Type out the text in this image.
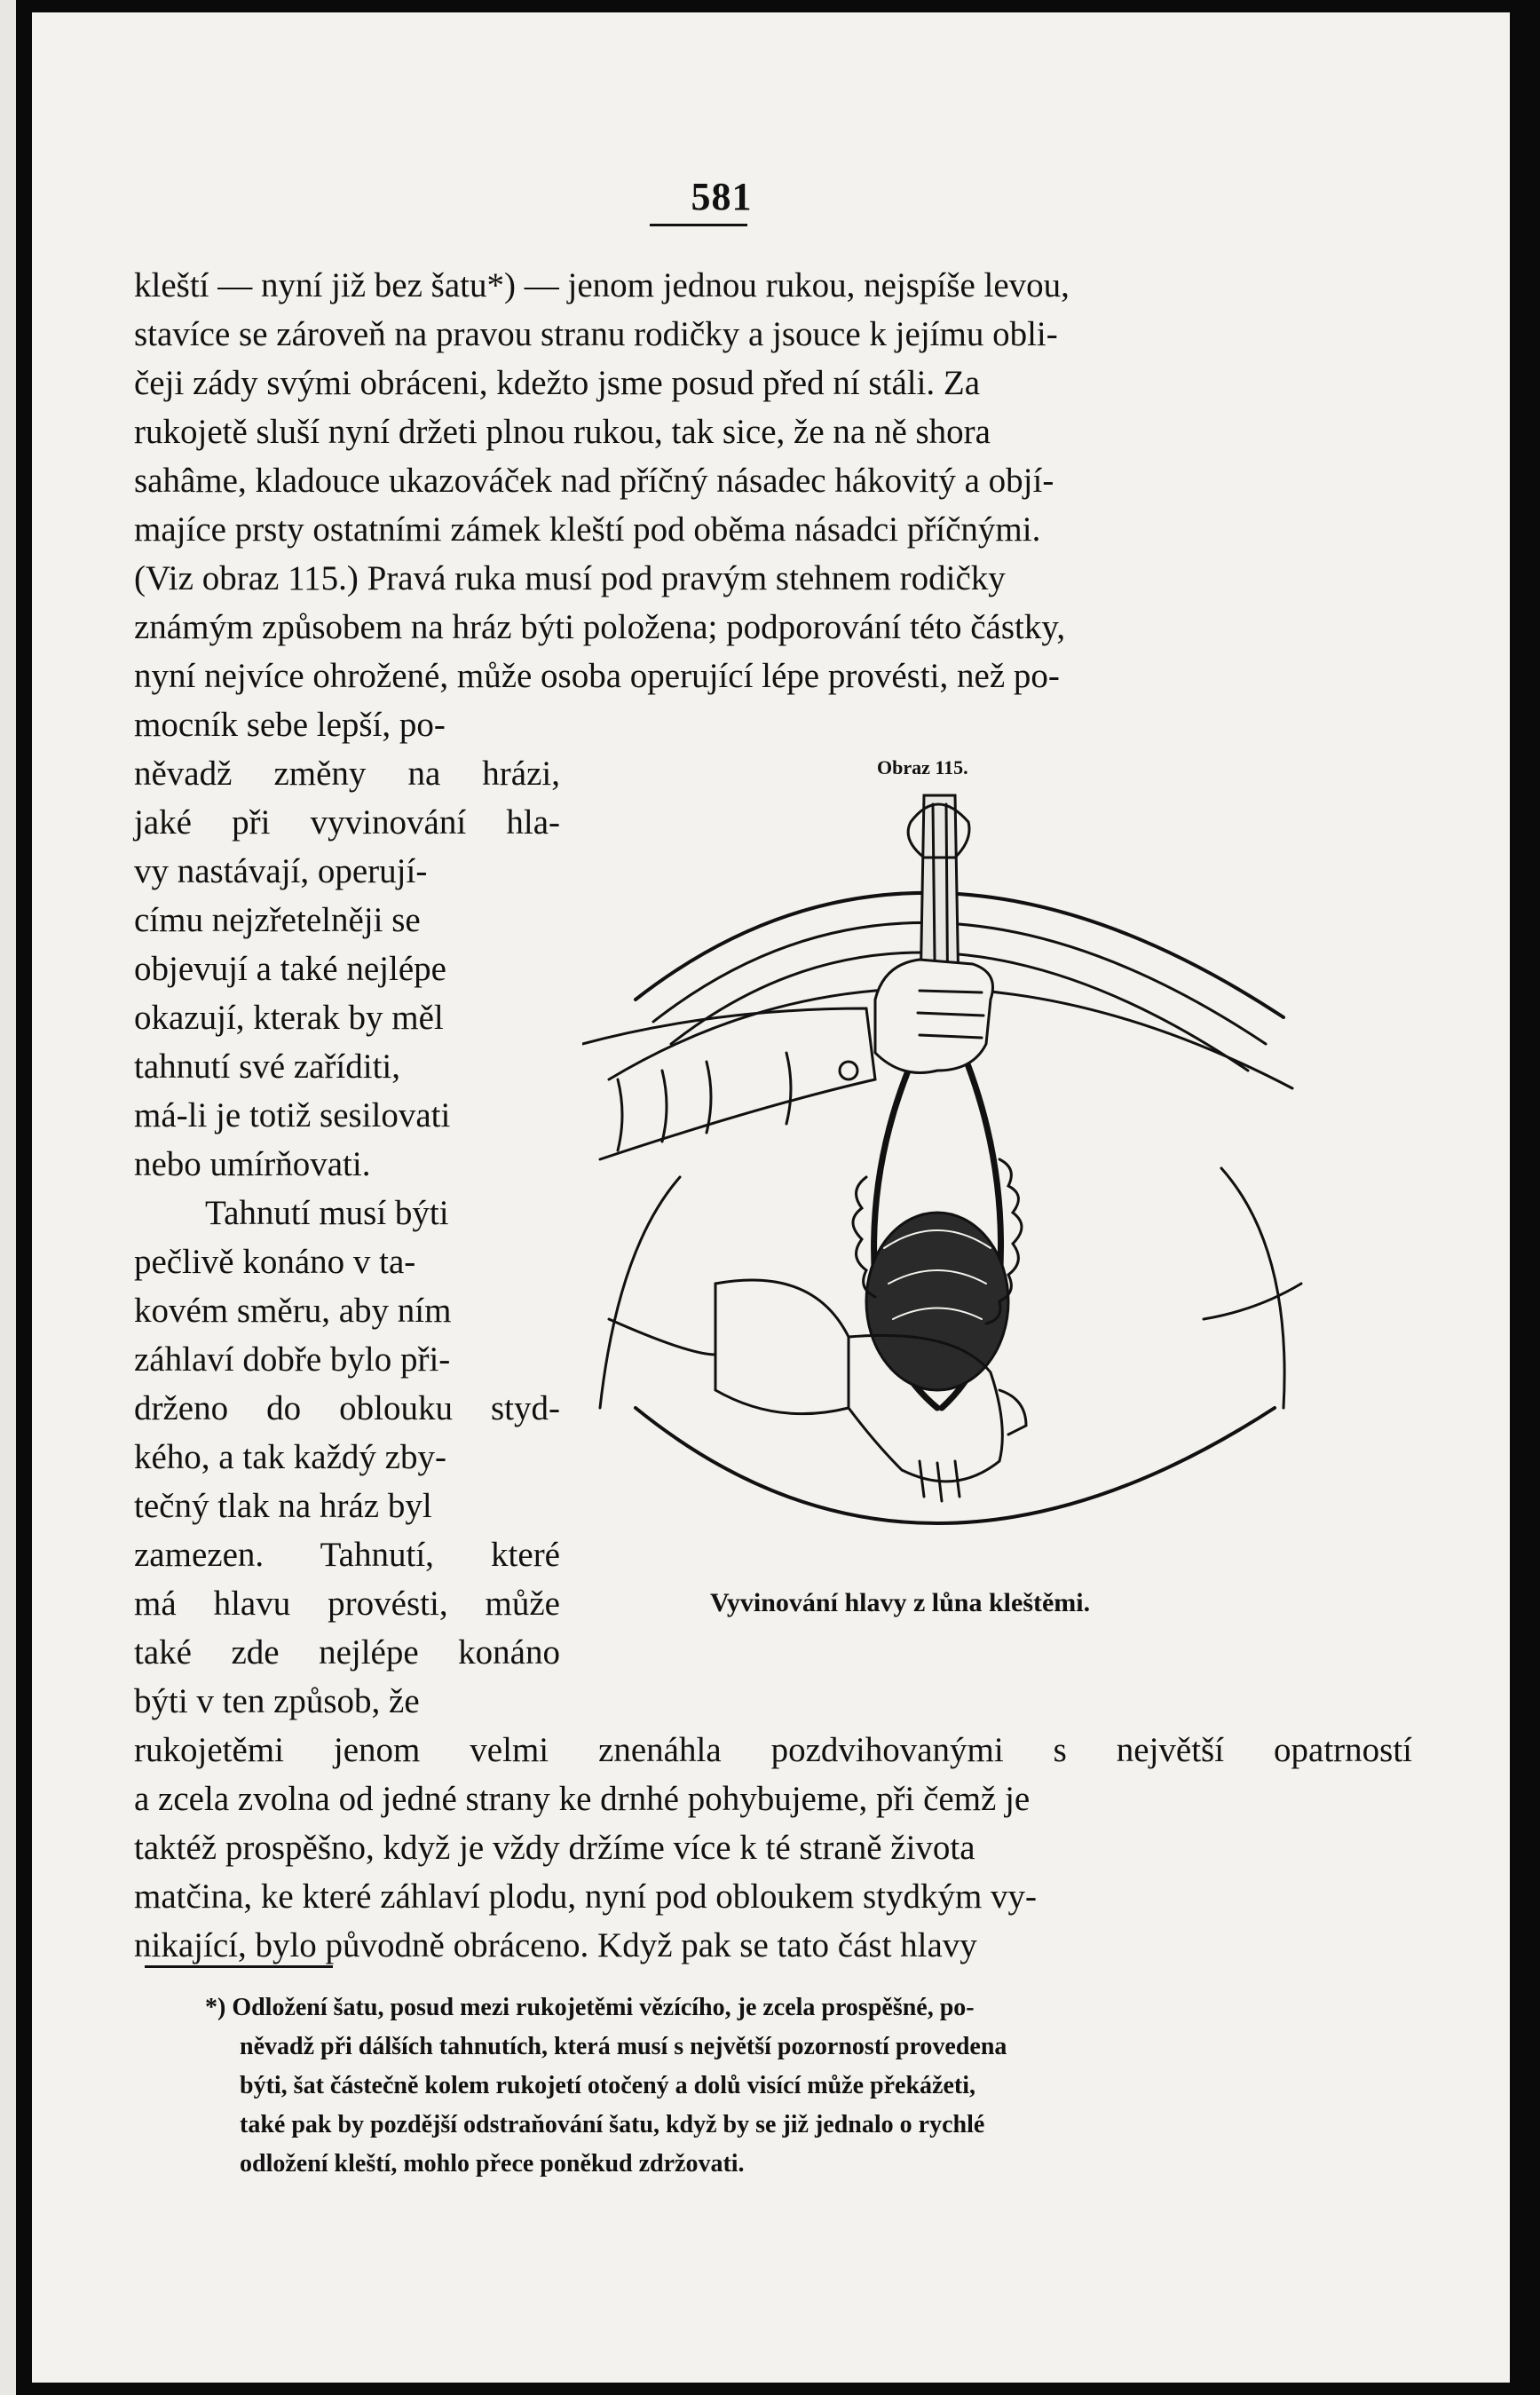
581
kleští — nyní již bez šatu*) — jenom jednou rukou, nejspíše levou,
stavíce se zároveň na pravou stranu rodičky a jsouce k jejímu obli-
čeji zády svými obráceni, kdežto jsme posud před ní stáli. Za
rukojetě sluší nyní držeti plnou rukou, tak sice, že na ně shora
sahâme, kladouce ukazováček nad příčný násadec hákovitý a objí-
majíce prsty ostatními zámek kleští pod oběma násadci příčnými.
(Viz obraz 115.) Pravá ruka musí pod pravým stehnem rodičky
známým způsobem na hráz býti položena; podporování této částky,
nyní nejvíce ohrožené, může osoba operující lépe provésti, než po-
mocník sebe lepší, po-
něvadž změny na hrázi,
jaké při vyvinování hla-
vy nastávají, operují-
címu nejzřetelněji se
objevují a také nejlépe
okazují, kterak by měl
tahnutí své zaříditi,
má-li je totiž sesilovati
nebo umírňovati.
Tahnutí musí býti
pečlivě konáno v ta-
kovém směru, aby ním
záhlaví dobře bylo při-
drženo do oblouku styd-
kého, a tak každý zby-
tečný tlak na hráz byl
zamezen. Tahnutí, které
má hlavu provésti, může
také zde nejlépe konáno
býti v ten způsob, že
Obraz 115.
Vyvinování hlavy z lůna kleštěmi.
rukojetěmi jenom velmi znenáhla pozdvihovanými s největší opatrností
a zcela zvolna od jedné strany ke drnhé pohybujeme, při čemž je
taktéž prospěšno, když je vždy držíme více k té straně života
matčina, ke které záhlaví plodu, nyní pod obloukem stydkým vy-
nikající, bylo původně obráceno. Když pak se tato část hlavy
*) Odložení šatu, posud mezi rukojetěmi vězícího, je zcela prospěšné, po-
něvadž při dálších tahnutích, která musí s největší pozorností provedena
býti, šat částečně kolem rukojetí otočený a dolů visící může překážeti,
také pak by pozdější odstraňování šatu, když by se již jednalo o rychlé
odložení kleští, mohlo přece poněkud zdržovati.
